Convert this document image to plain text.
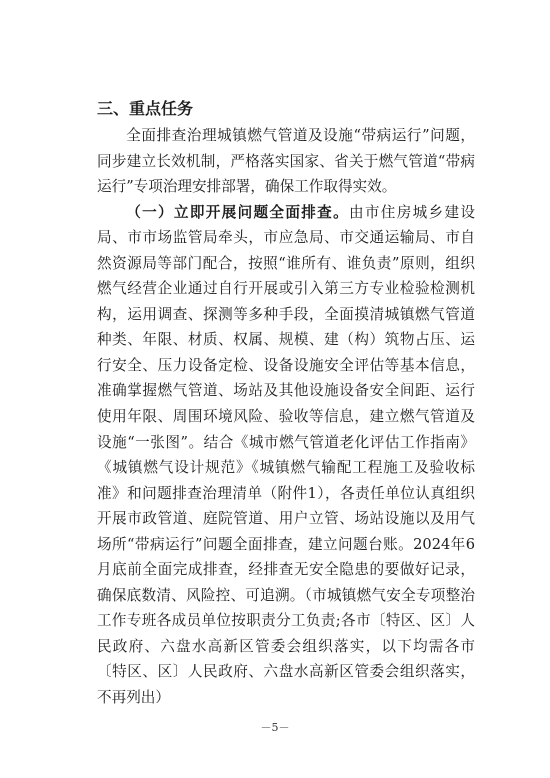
三、重点任务

全面排查治理城镇燃气管道及设施“带病运行”问题，同步建立长效机制，严格落实国家、省关于燃气管道“带病运行”专项治理安排部署，确保工作取得实效。

（一）立即开展问题全面排查。由市住房城乡建设局、市市场监管局牵头，市应急局、市交通运输局、市自然资源局等部门配合，按照“谁所有、谁负责”原则，组织燃气经营企业通过自行开展或引入第三方专业检验检测机构，运用调查、探测等多种手段，全面摸清城镇燃气管道种类、年限、材质、权属、规模、建（构）筑物占压、运行安全、压力设备定检、设备设施安全评估等基本信息，准确掌握燃气管道、场站及其他设施设备安全间距、运行使用年限、周围环境风险、验收等信息，建立燃气管道及设施“一张图”。结合《城市燃气管道老化评估工作指南》《城镇燃气设计规范》《城镇燃气输配工程施工及验收标准》和问题排查治理清单（附件1），各责任单位认真组织开展市政管道、庭院管道、用户立管、场站设施以及用气场所“带病运行”问题全面排查，建立问题台账。2024年6月底前全面完成排查，经排查无安全隐患的要做好记录，确保底数清、风险控、可追溯。（市城镇燃气安全专项整治工作专班各成员单位按职责分工负责;各市〔特区、区〕人民政府、六盘水高新区管委会组织落实，以下均需各市〔特区、区〕人民政府、六盘水高新区管委会组织落实，不再列出）

－5－
